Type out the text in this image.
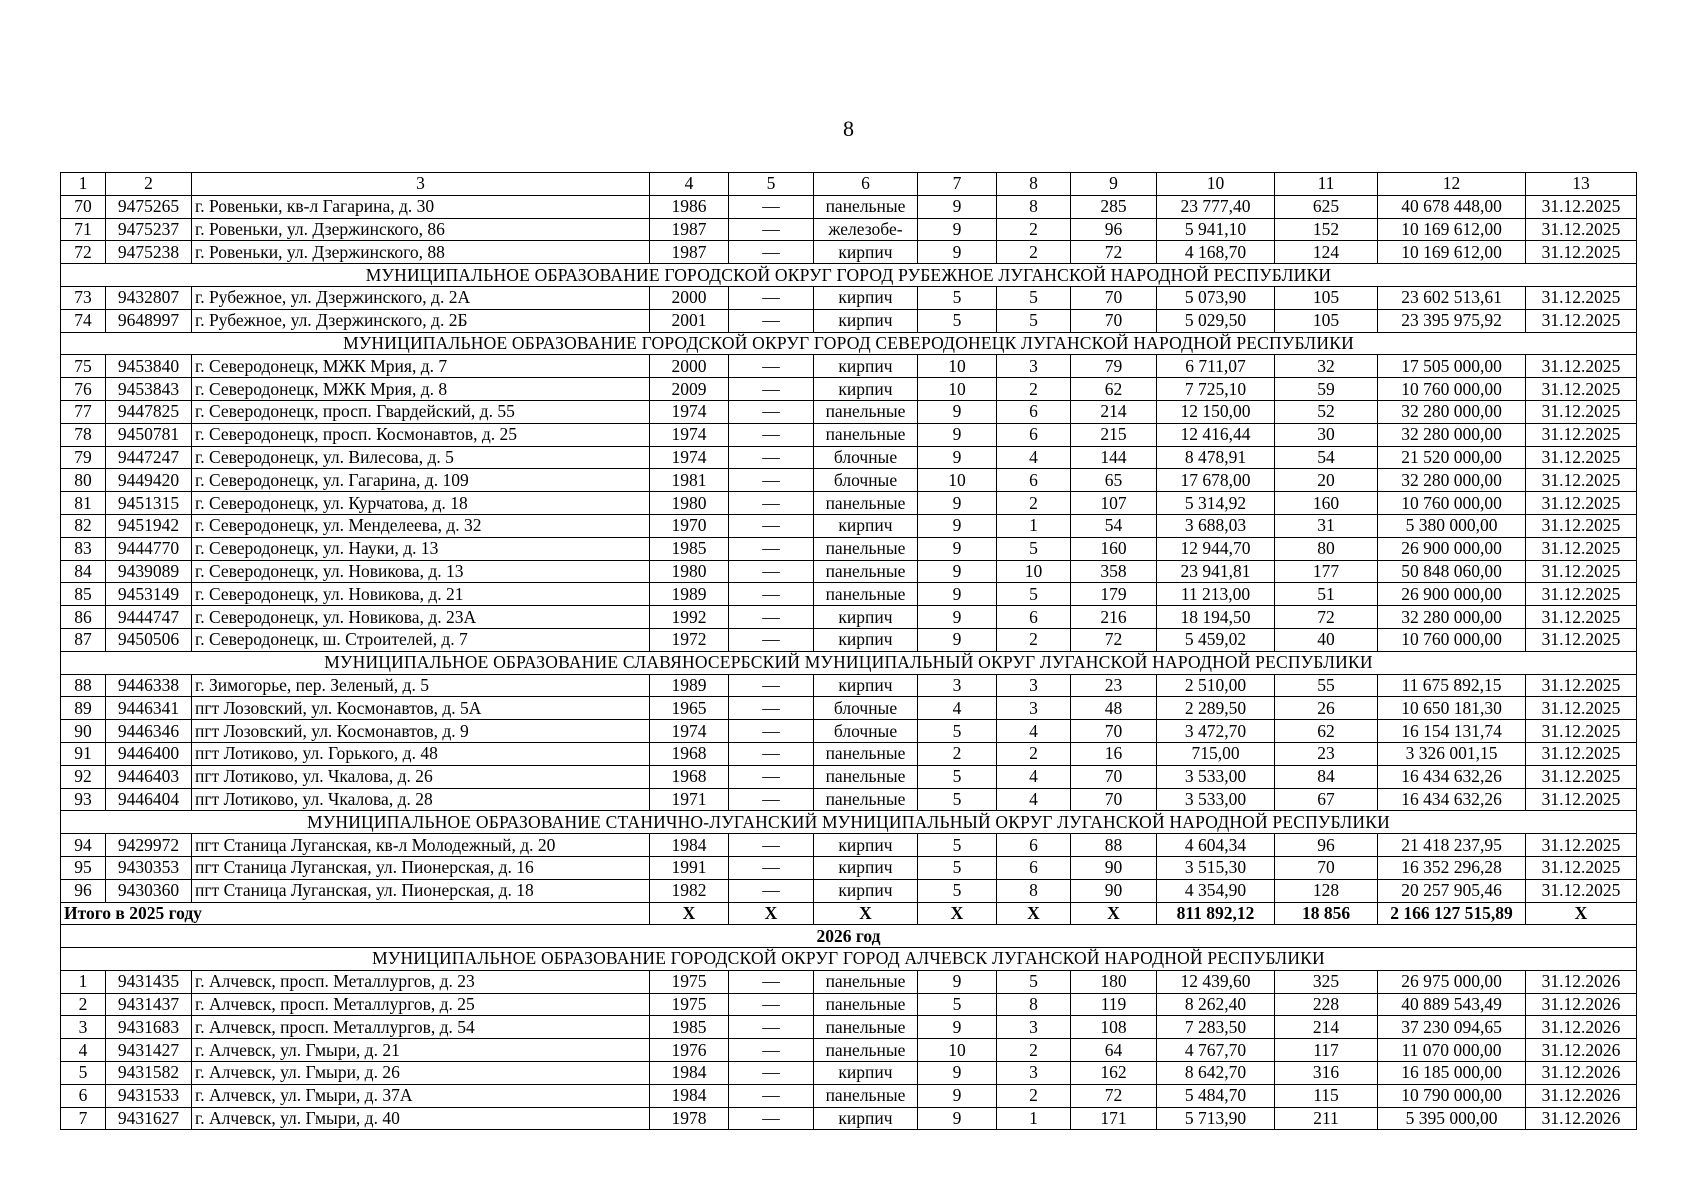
8
1	2	3	4	5	6	7	8	9	10	11	12	13
70	9475265	г. Ровеньки, кв-л Гагарина, д. 30	1986	—	панельные	9	8	285	23 777,40	625	40 678 448,00	31.12.2025
71	9475237	г. Ровеньки, ул. Дзержинского, 86	1987	—	железобе-	9	2	96	5 941,10	152	10 169 612,00	31.12.2025
72	9475238	г. Ровеньки, ул. Дзержинского, 88	1987	—	кирпич	9	2	72	4 168,70	124	10 169 612,00	31.12.2025
МУНИЦИПАЛЬНОЕ ОБРАЗОВАНИЕ ГОРОДСКОЙ ОКРУГ ГОРОД РУБЕЖНОЕ ЛУГАНСКОЙ НАРОДНОЙ РЕСПУБЛИКИ												
73	9432807	г. Рубежное, ул. Дзержинского, д. 2А	2000	—	кирпич	5	5	70	5 073,90	105	23 602 513,61	31.12.2025
74	9648997	г. Рубежное, ул. Дзержинского, д. 2Б	2001	—	кирпич	5	5	70	5 029,50	105	23 395 975,92	31.12.2025
МУНИЦИПАЛЬНОЕ ОБРАЗОВАНИЕ ГОРОДСКОЙ ОКРУГ ГОРОД СЕВЕРОДОНЕЦК ЛУГАНСКОЙ НАРОДНОЙ РЕСПУБЛИКИ												
75	9453840	г. Северодонецк, МЖК Мрия, д. 7	2000	—	кирпич	10	3	79	6 711,07	32	17 505 000,00	31.12.2025
76	9453843	г. Северодонецк, МЖК Мрия, д. 8	2009	—	кирпич	10	2	62	7 725,10	59	10 760 000,00	31.12.2025
77	9447825	г. Северодонецк, просп. Гвардейский, д. 55	1974	—	панельные	9	6	214	12 150,00	52	32 280 000,00	31.12.2025
78	9450781	г. Северодонецк, просп. Космонавтов, д. 25	1974	—	панельные	9	6	215	12 416,44	30	32 280 000,00	31.12.2025
79	9447247	г. Северодонецк, ул. Вилесова, д. 5	1974	—	блочные	9	4	144	8 478,91	54	21 520 000,00	31.12.2025
80	9449420	г. Северодонецк, ул. Гагарина, д. 109	1981	—	блочные	10	6	65	17 678,00	20	32 280 000,00	31.12.2025
81	9451315	г. Северодонецк, ул. Курчатова, д. 18	1980	—	панельные	9	2	107	5 314,92	160	10 760 000,00	31.12.2025
82	9451942	г. Северодонецк, ул. Менделеева, д. 32	1970	—	кирпич	9	1	54	3 688,03	31	5 380 000,00	31.12.2025
83	9444770	г. Северодонецк, ул. Науки, д. 13	1985	—	панельные	9	5	160	12 944,70	80	26 900 000,00	31.12.2025
84	9439089	г. Северодонецк, ул. Новикова, д. 13	1980	—	панельные	9	10	358	23 941,81	177	50 848 060,00	31.12.2025
85	9453149	г. Северодонецк, ул. Новикова, д. 21	1989	—	панельные	9	5	179	11 213,00	51	26 900 000,00	31.12.2025
86	9444747	г. Северодонецк, ул. Новикова, д. 23А	1992	—	кирпич	9	6	216	18 194,50	72	32 280 000,00	31.12.2025
87	9450506	г. Северодонецк, ш. Строителей, д. 7	1972	—	кирпич	9	2	72	5 459,02	40	10 760 000,00	31.12.2025
МУНИЦИПАЛЬНОЕ ОБРАЗОВАНИЕ СЛАВЯНОСЕРБСКИЙ МУНИЦИПАЛЬНЫЙ ОКРУГ ЛУГАНСКОЙ НАРОДНОЙ РЕСПУБЛИКИ												
88	9446338	г. Зимогорье, пер. Зеленый, д. 5	1989	—	кирпич	3	3	23	2 510,00	55	11 675 892,15	31.12.2025
89	9446341	пгт Лозовский, ул. Космонавтов, д. 5А	1965	—	блочные	4	3	48	2 289,50	26	10 650 181,30	31.12.2025
90	9446346	пгт Лозовский, ул. Космонавтов, д. 9	1974	—	блочные	5	4	70	3 472,70	62	16 154 131,74	31.12.2025
91	9446400	пгт Лотиково, ул. Горького, д. 48	1968	—	панельные	2	2	16	715,00	23	3 326 001,15	31.12.2025
92	9446403	пгт Лотиково, ул. Чкалова, д. 26	1968	—	панельные	5	4	70	3 533,00	84	16 434 632,26	31.12.2025
93	9446404	пгт Лотиково, ул. Чкалова, д. 28	1971	—	панельные	5	4	70	3 533,00	67	16 434 632,26	31.12.2025
МУНИЦИПАЛЬНОЕ ОБРАЗОВАНИЕ СТАНИЧНО-ЛУГАНСКИЙ МУНИЦИПАЛЬНЫЙ ОКРУГ ЛУГАНСКОЙ НАРОДНОЙ РЕСПУБЛИКИ												
94	9429972	пгт Станица Луганская, кв-л Молодежный, д. 20	1984	—	кирпич	5	6	88	4 604,34	96	21 418 237,95	31.12.2025
95	9430353	пгт Станица Луганская, ул. Пионерская, д. 16	1991	—	кирпич	5	6	90	3 515,30	70	16 352 296,28	31.12.2025
96	9430360	пгт Станица Луганская, ул. Пионерская, д. 18	1982	—	кирпич	5	8	90	4 354,90	128	20 257 905,46	31.12.2025
Итого в 2025 году			Х	Х	Х	Х	Х	Х	811 892,12	18 856	2 166 127 515,89	Х
2026 год												
МУНИЦИПАЛЬНОЕ ОБРАЗОВАНИЕ ГОРОДСКОЙ ОКРУГ ГОРОД АЛЧЕВСК ЛУГАНСКОЙ НАРОДНОЙ РЕСПУБЛИКИ												
1	9431435	г. Алчевск, просп. Металлургов, д. 23	1975	—	панельные	9	5	180	12 439,60	325	26 975 000,00	31.12.2026
2	9431437	г. Алчевск, просп. Металлургов, д. 25	1975	—	панельные	5	8	119	8 262,40	228	40 889 543,49	31.12.2026
3	9431683	г. Алчевск, просп. Металлургов, д. 54	1985	—	панельные	9	3	108	7 283,50	214	37 230 094,65	31.12.2026
4	9431427	г. Алчевск, ул. Гмыри, д. 21	1976	—	панельные	10	2	64	4 767,70	117	11 070 000,00	31.12.2026
5	9431582	г. Алчевск, ул. Гмыри, д. 26	1984	—	кирпич	9	3	162	8 642,70	316	16 185 000,00	31.12.2026
6	9431533	г. Алчевск, ул. Гмыри, д. 37А	1984	—	панельные	9	2	72	5 484,70	115	10 790 000,00	31.12.2026
7	9431627	г. Алчевск, ул. Гмыри, д. 40	1978	—	кирпич	9	1	171	5 713,90	211	5 395 000,00	31.12.2026
